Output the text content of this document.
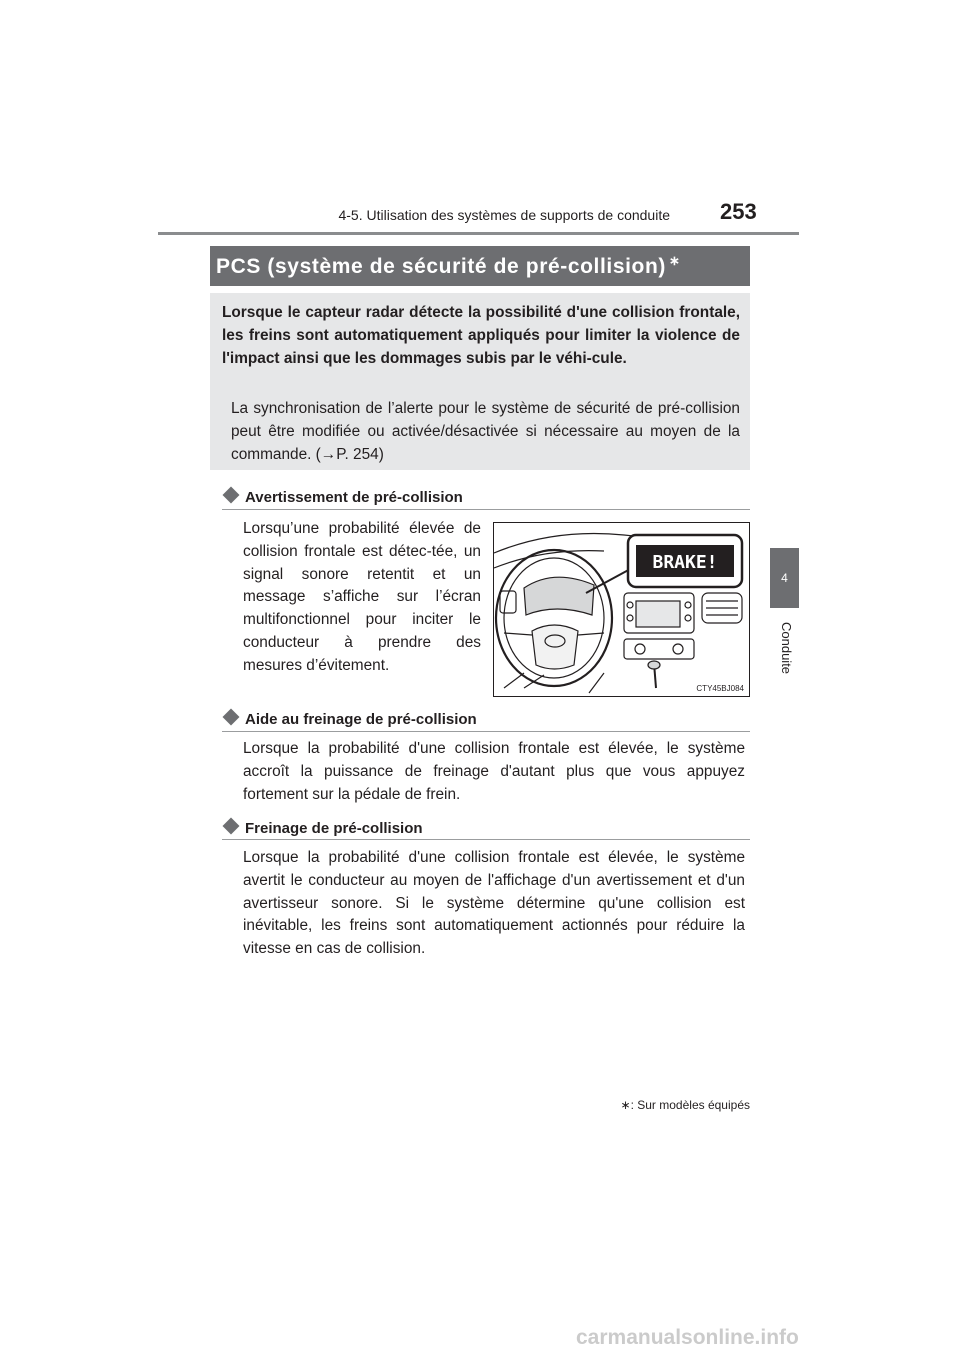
4-5. Utilisation des systèmes de supports de conduite 253
4
Conduite
PCS (système de sécurité de pré-collision) ∗
Lorsque le capteur radar détecte la possibilité d'une collision frontale, les freins sont automatiquement appliqués pour limiter la violence de l'impact ainsi que les dommages subis par le véhi-cule.
La synchronisation de l’alerte pour le système de sécurité de pré-collision peut être modifiée ou activée/désactivée si nécessaire au moyen de la commande. (→P. 254)
Avertissement de pré-collision
Lorsqu’une probabilité élevée de collision frontale est détec-tée, un signal sonore retentit et un message s’affiche sur l’écran multifonctionnel pour inciter le conducteur à prendre des mesures d’évitement.
BRAKE!
CTY45BJ084
Aide au freinage de pré-collision
Lorsque la probabilité d'une collision frontale est élevée, le système accroît la puissance de freinage d'autant plus que vous appuyez fortement sur la pédale de frein.
Freinage de pré-collision
Lorsque la probabilité d'une collision frontale est élevée, le système avertit le conducteur au moyen de l'affichage d'un avertissement et d'un avertisseur sonore. Si le système détermine qu'une collision est inévitable, les freins sont automatiquement actionnés pour réduire la vitesse en cas de collision.
∗: Sur modèles équipés
carmanualsonline.info
